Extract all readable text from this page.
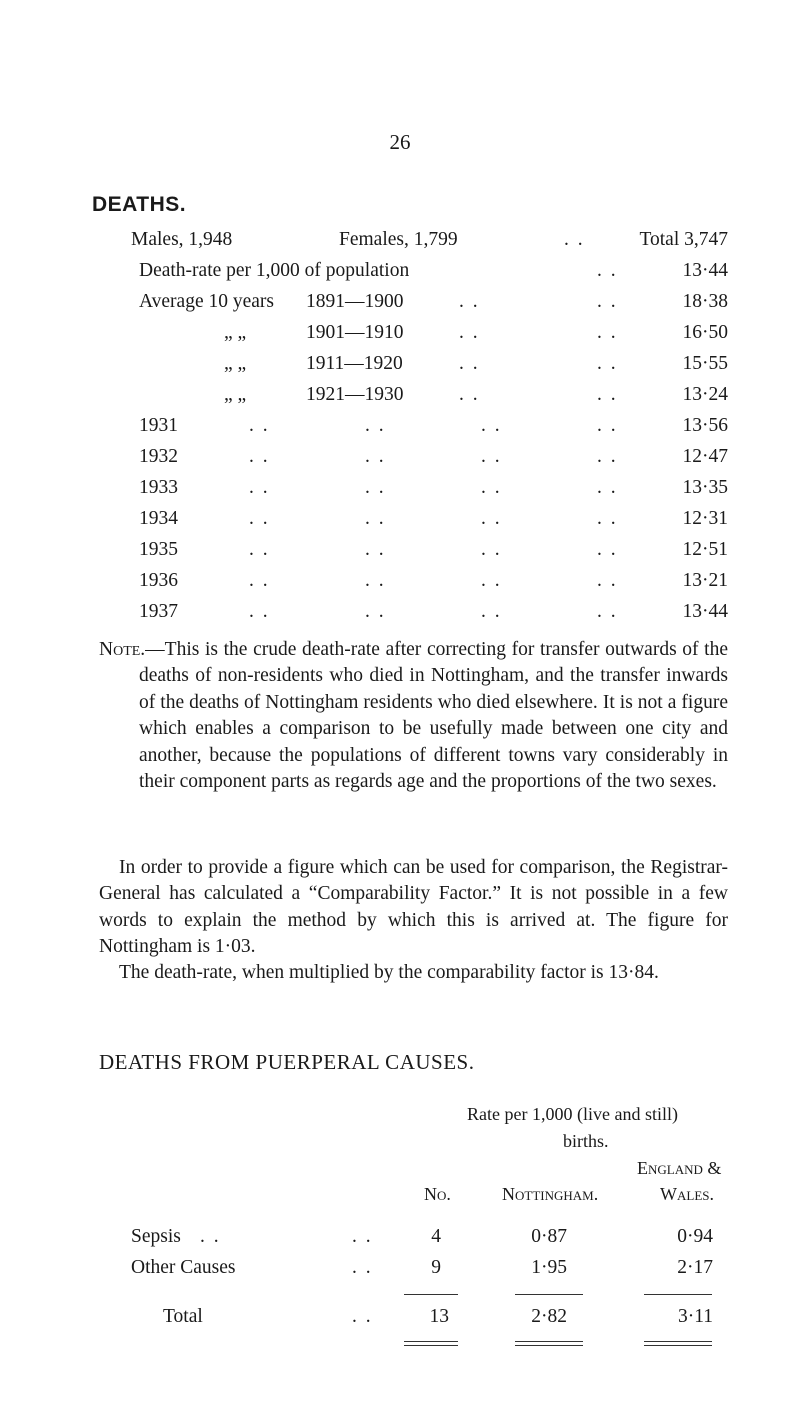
26
DEATHS.
Males, 1,948	Females, 1,799	. .	Total 3,747
Death-rate per 1,000 of population	. .	13·44
Average 10 years 1891—1900	. .	. .	18·38
„ „	1901—1910	. .	. .	16·50
„ „	1911—1920	. .	. .	15·55
„ „	1921—1930	. .	. .	13·24
1931	. .	. .	. .	. .	13·56
1932	. .	. .	. .	. .	12·47
1933	. .	. .	. .	. .	13·35
1934	. .	. .	. .	. .	12·31
1935	. .	. .	. .	. .	12·51
1936	. .	. .	. .	. .	13·21
1937	. .	. .	. .	. .	13·44
Note.—This is the crude death-rate after correcting for transfer outwards of the deaths of non-residents who died in Nottingham, and the transfer inwards of the deaths of Nottingham residents who died elsewhere. It is not a figure which enables a comparison to be usefully made between one city and another, because the populations of different towns vary considerably in their component parts as regards age and the proportions of the two sexes.
In order to provide a figure which can be used for comparison, the Registrar-General has calculated a “Comparability Factor.” It is not possible in a few words to explain the method by which this is arrived at. The figure for Nottingham is 1·03.
The death-rate, when multiplied by the comparability factor is 13·84.
DEATHS FROM PUERPERAL CAUSES.
Rate per 1,000 (live and still)
births.
England &
No.	Nottingham.	Wales.
Sepsis . .	. .	4	0·87	0·94
Other Causes	. .	9	1·95	2·17
Total	. .	13	2·82	3·11
